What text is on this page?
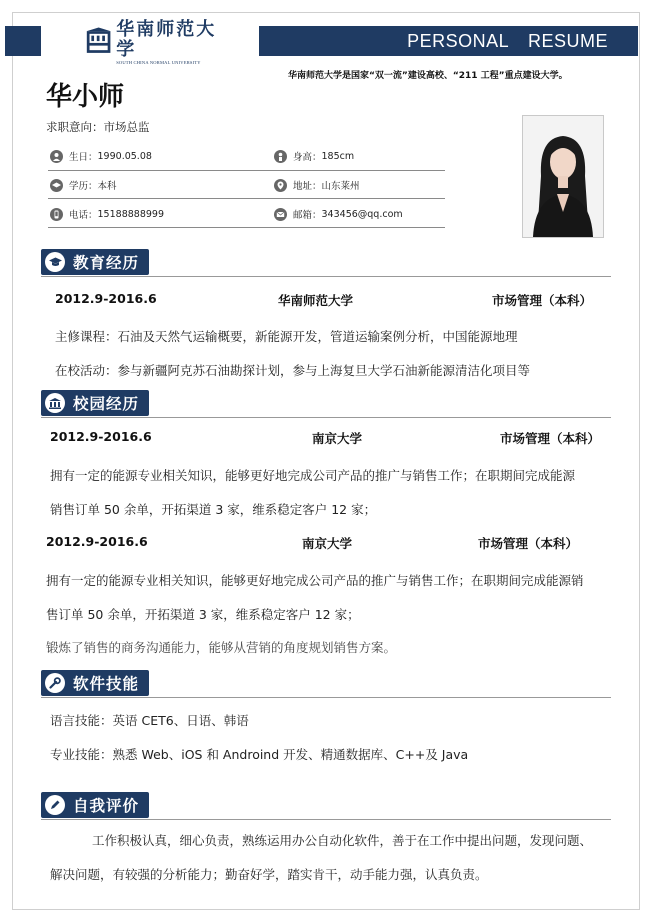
华南师范大学
SOUTH CHINA NORMAL UNIVERSITY
PERSONAL RESUME
华南师范大学是国家“双一流”建设高校、“211 工程”重点建设大学。
华小师
求职意向：市场总监
生日： 1990.05.08	身高： 185cm
学历： 本科	地址： 山东莱州
电话： 15188888999	邮箱： 343456@qq.com
教育经历
2012.9-2016.6	华南师范大学	市场管理（本科）
主修课程：石油及天然气运输概要，新能源开发，管道运输案例分析，中国能源地理
在校活动：参与新疆阿克苏石油勘探计划，参与上海复旦大学石油新能源清洁化项目等
校园经历
2012.9-2016.6	南京大学	市场管理（本科）
拥有一定的能源专业相关知识，能够更好地完成公司产品的推广与销售工作；在职期间完成能源
销售订单 50 余单，开拓渠道 3 家，维系稳定客户 12 家；
2012.9-2016.6	南京大学	市场管理（本科）
拥有一定的能源专业相关知识，能够更好地完成公司产品的推广与销售工作；在职期间完成能源销
售订单 50 余单，开拓渠道 3 家，维系稳定客户 12 家；
锻炼了销售的商务沟通能力，能够从营销的角度规划销售方案。
软件技能
语言技能：英语 CET6、日语、韩语
专业技能：熟悉 Web、iOS 和 Androind 开发、精通数据库、C++及 Java
自我评价
工作积极认真，细心负责，熟练运用办公自动化软件，善于在工作中提出问题，发现问题、
解决问题，有较强的分析能力；勤奋好学，踏实肯干，动手能力强，认真负责。
